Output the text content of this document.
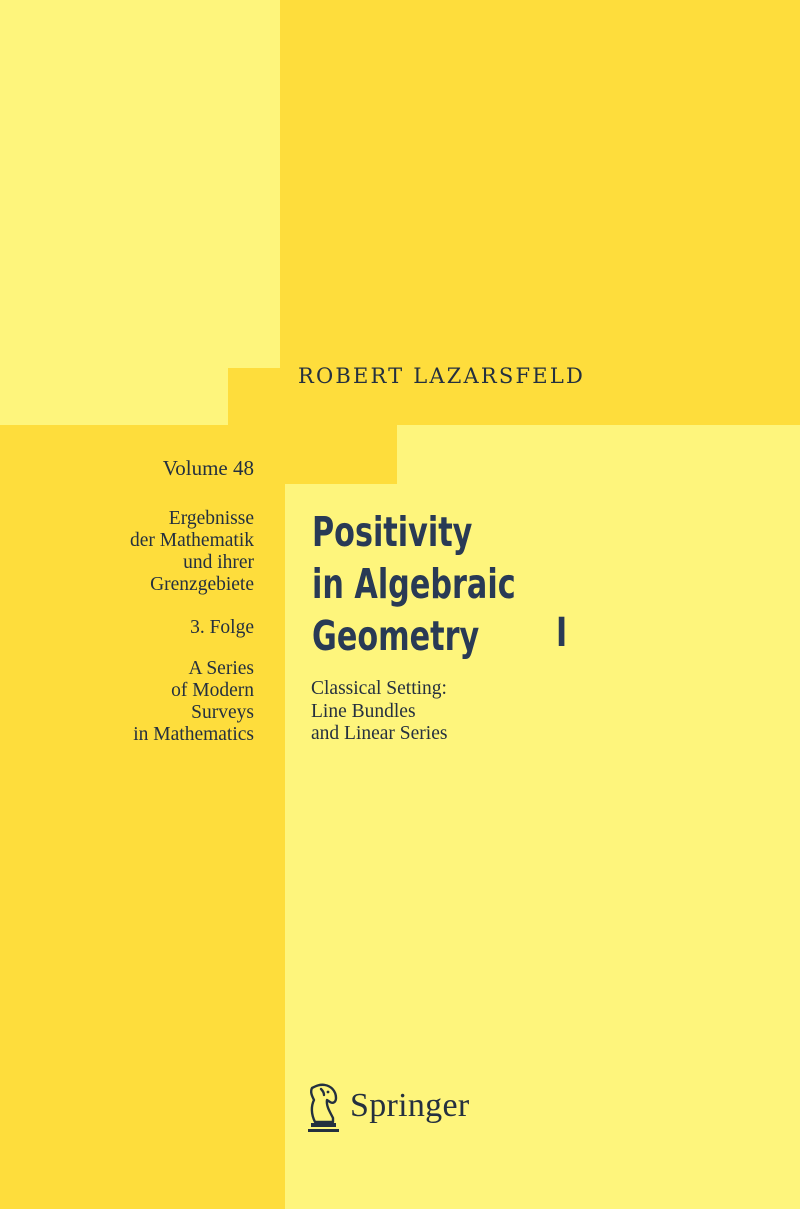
ROBERT LAZARSFELD
Volume 48
Ergebnisse
der Mathematik
und ihrer
Grenzgebiete
3. Folge
A Series
of Modern
Surveys
in Mathematics
Positivity
in Algebraic
Geometry	I
Classical Setting:
Line Bundles
and Linear Series
Springer
